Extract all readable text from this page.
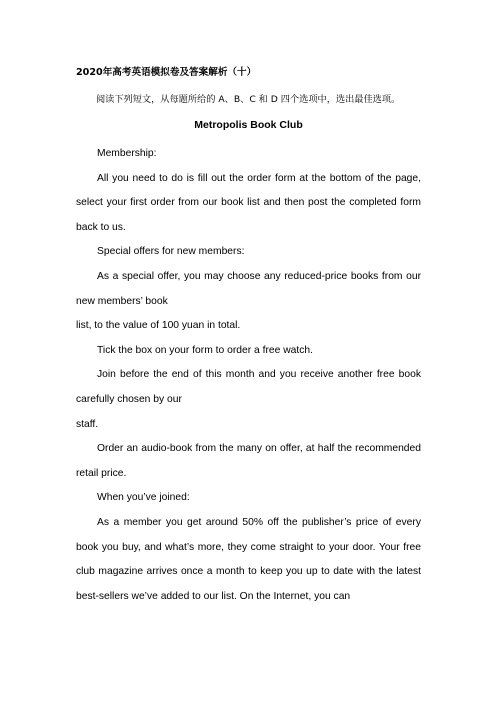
2020年高考英语模拟卷及答案解析（十）
阅读下列短文，从每题所给的 A、B、C 和 D 四个选项中，选出最佳选项。
Metropolis Book Club

Membership:

All you need to do is fill out the order form at the bottom of the page, select your first order from our book list and then post the completed form back to us.

Special offers for new members:

As a special offer, you may choose any reduced-price books from our new members’ book

list, to the value of 100 yuan in total.

Tick the box on your form to order a free watch.

Join before the end of this month and you receive another free book carefully chosen by our

staff.

Order an audio-book from the many on offer, at half the recommended retail price.

When you’ve joined:

As a member you get around 50% off the publisher’s price of every book you buy, and what’s more, they come straight to your door. Your free club magazine arrives once a month to keep you up to date with the latest best-sellers we’ve added to our list. On the Internet, you can
